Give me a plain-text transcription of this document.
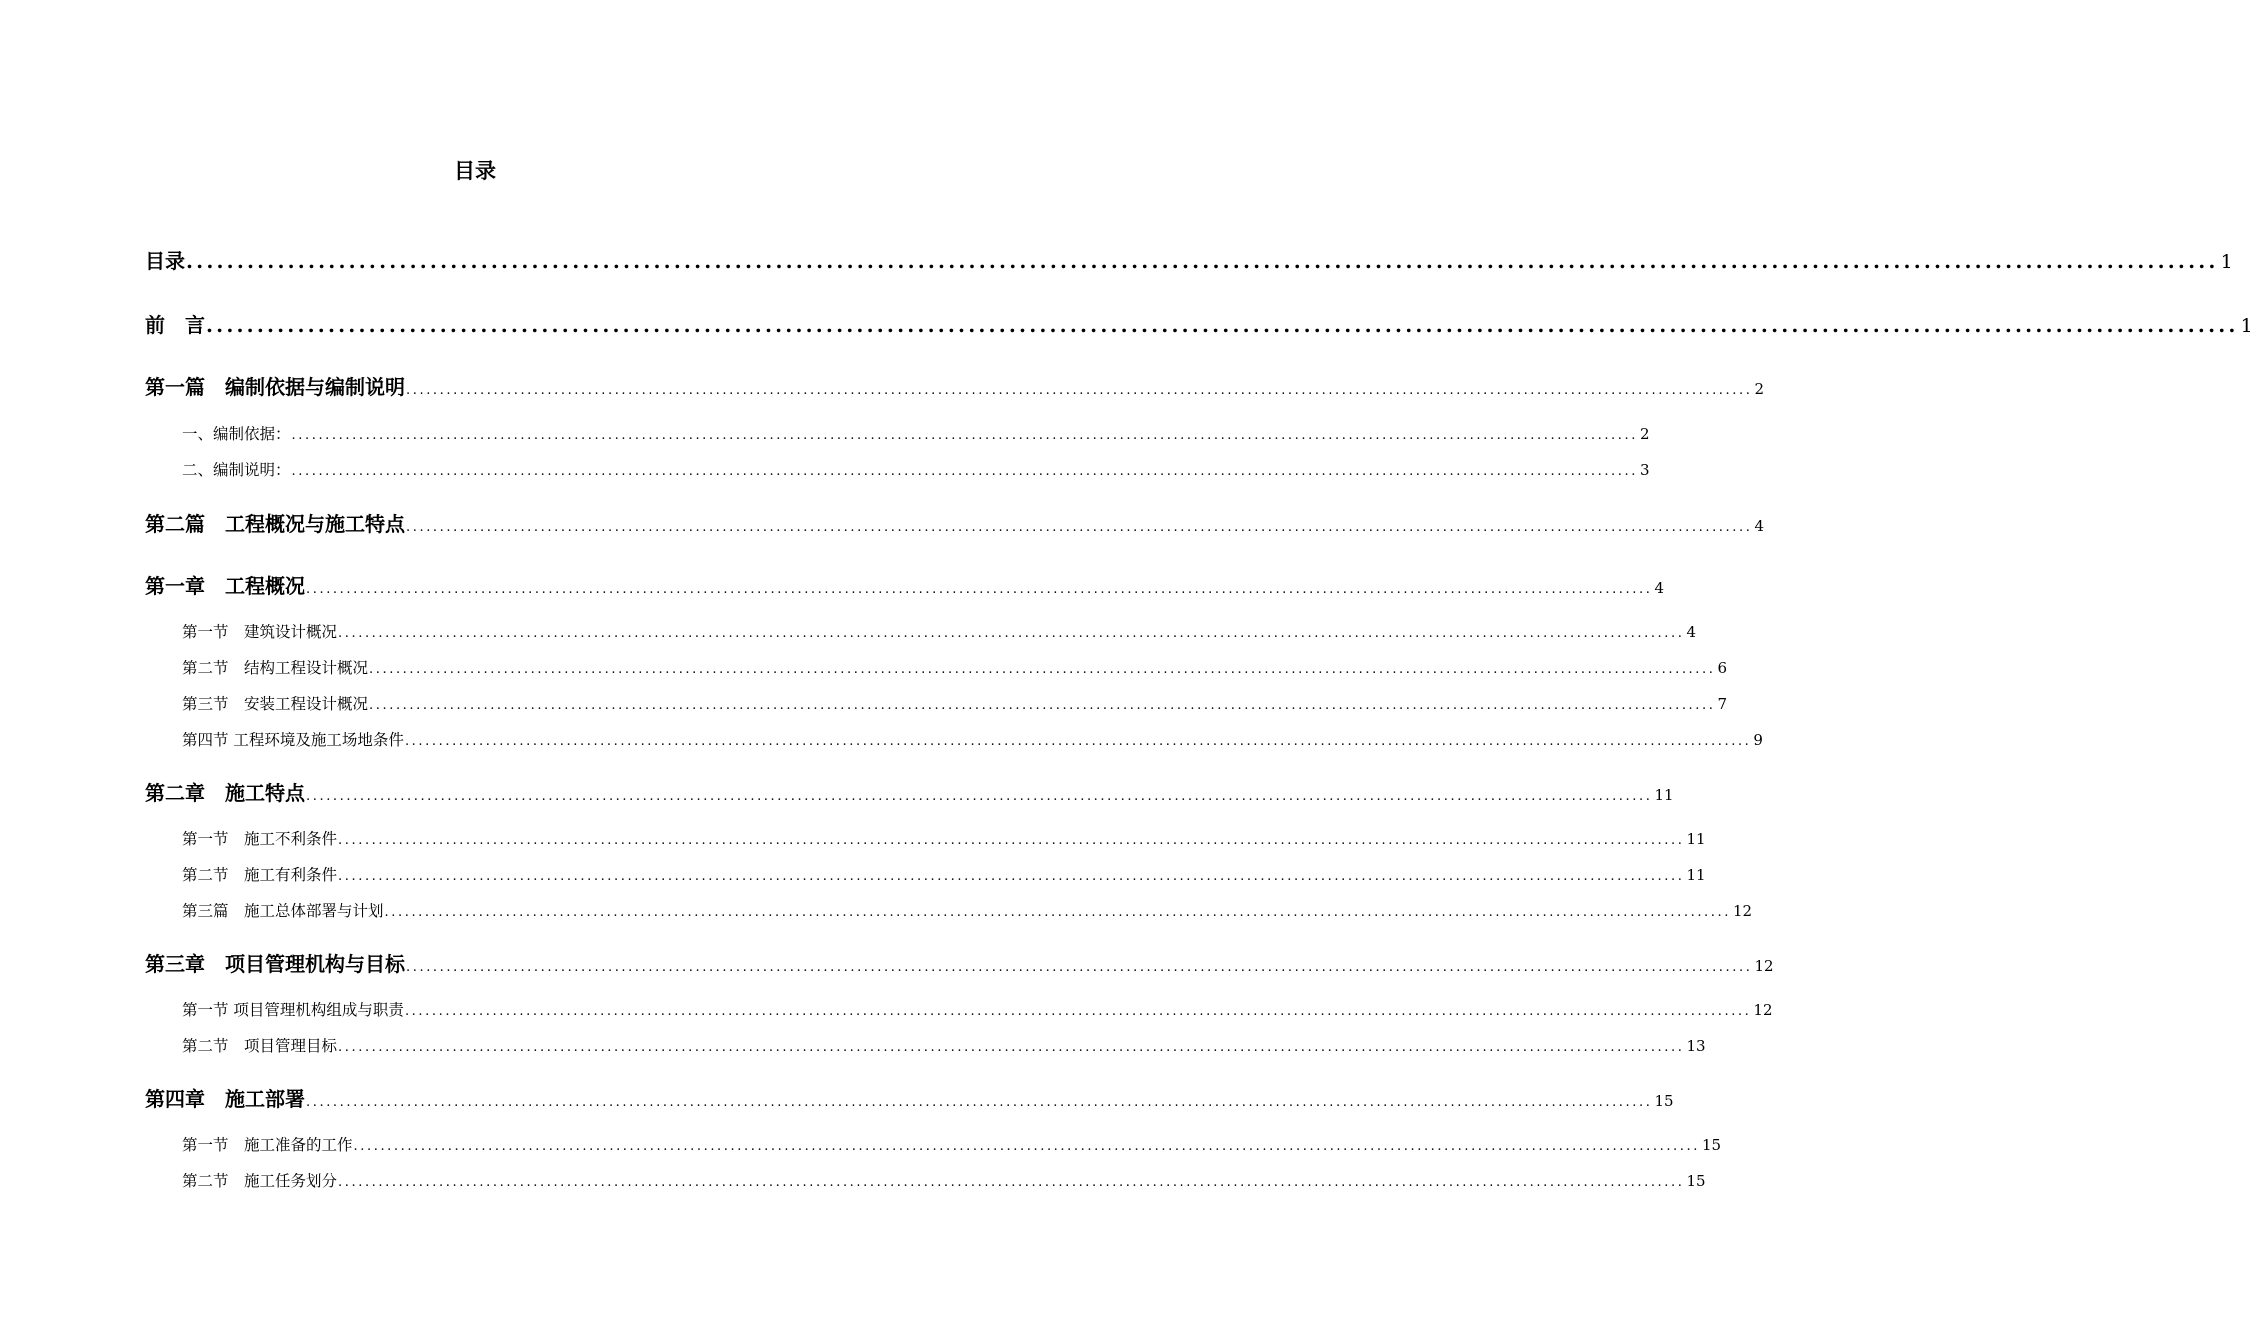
目录
目录 ........................................................................................................................................................................................................ 1
前　言 ........................................................................................................................................................................................................ 1
第一篇　编制依据与编制说明 ........................................................................................................................................................................................................ 2
一、编制依据： ........................................................................................................................................................................................................ 2
二、编制说明： ........................................................................................................................................................................................................ 3
第二篇　工程概况与施工特点 ........................................................................................................................................................................................................ 4
第一章　工程概况 ........................................................................................................................................................................................................ 4
第一节　建筑设计概况 ........................................................................................................................................................................................................ 4
第二节　结构工程设计概况 ........................................................................................................................................................................................................ 6
第三节　安装工程设计概况 ........................................................................................................................................................................................................ 7
第四节 工程环境及施工场地条件 ........................................................................................................................................................................................................ 9
第二章　施工特点 ........................................................................................................................................................................................................ 11
第一节　施工不利条件 ........................................................................................................................................................................................................ 11
第二节　施工有利条件 ........................................................................................................................................................................................................ 11
第三篇　施工总体部署与计划 ........................................................................................................................................................................................................ 12
第三章　项目管理机构与目标 ........................................................................................................................................................................................................ 12
第一节 项目管理机构组成与职责 ........................................................................................................................................................................................................ 12
第二节　项目管理目标 ........................................................................................................................................................................................................ 13
第四章　施工部署 ........................................................................................................................................................................................................ 15
第一节　施工准备的工作 ........................................................................................................................................................................................................ 15
第二节　施工任务划分 ........................................................................................................................................................................................................ 15
